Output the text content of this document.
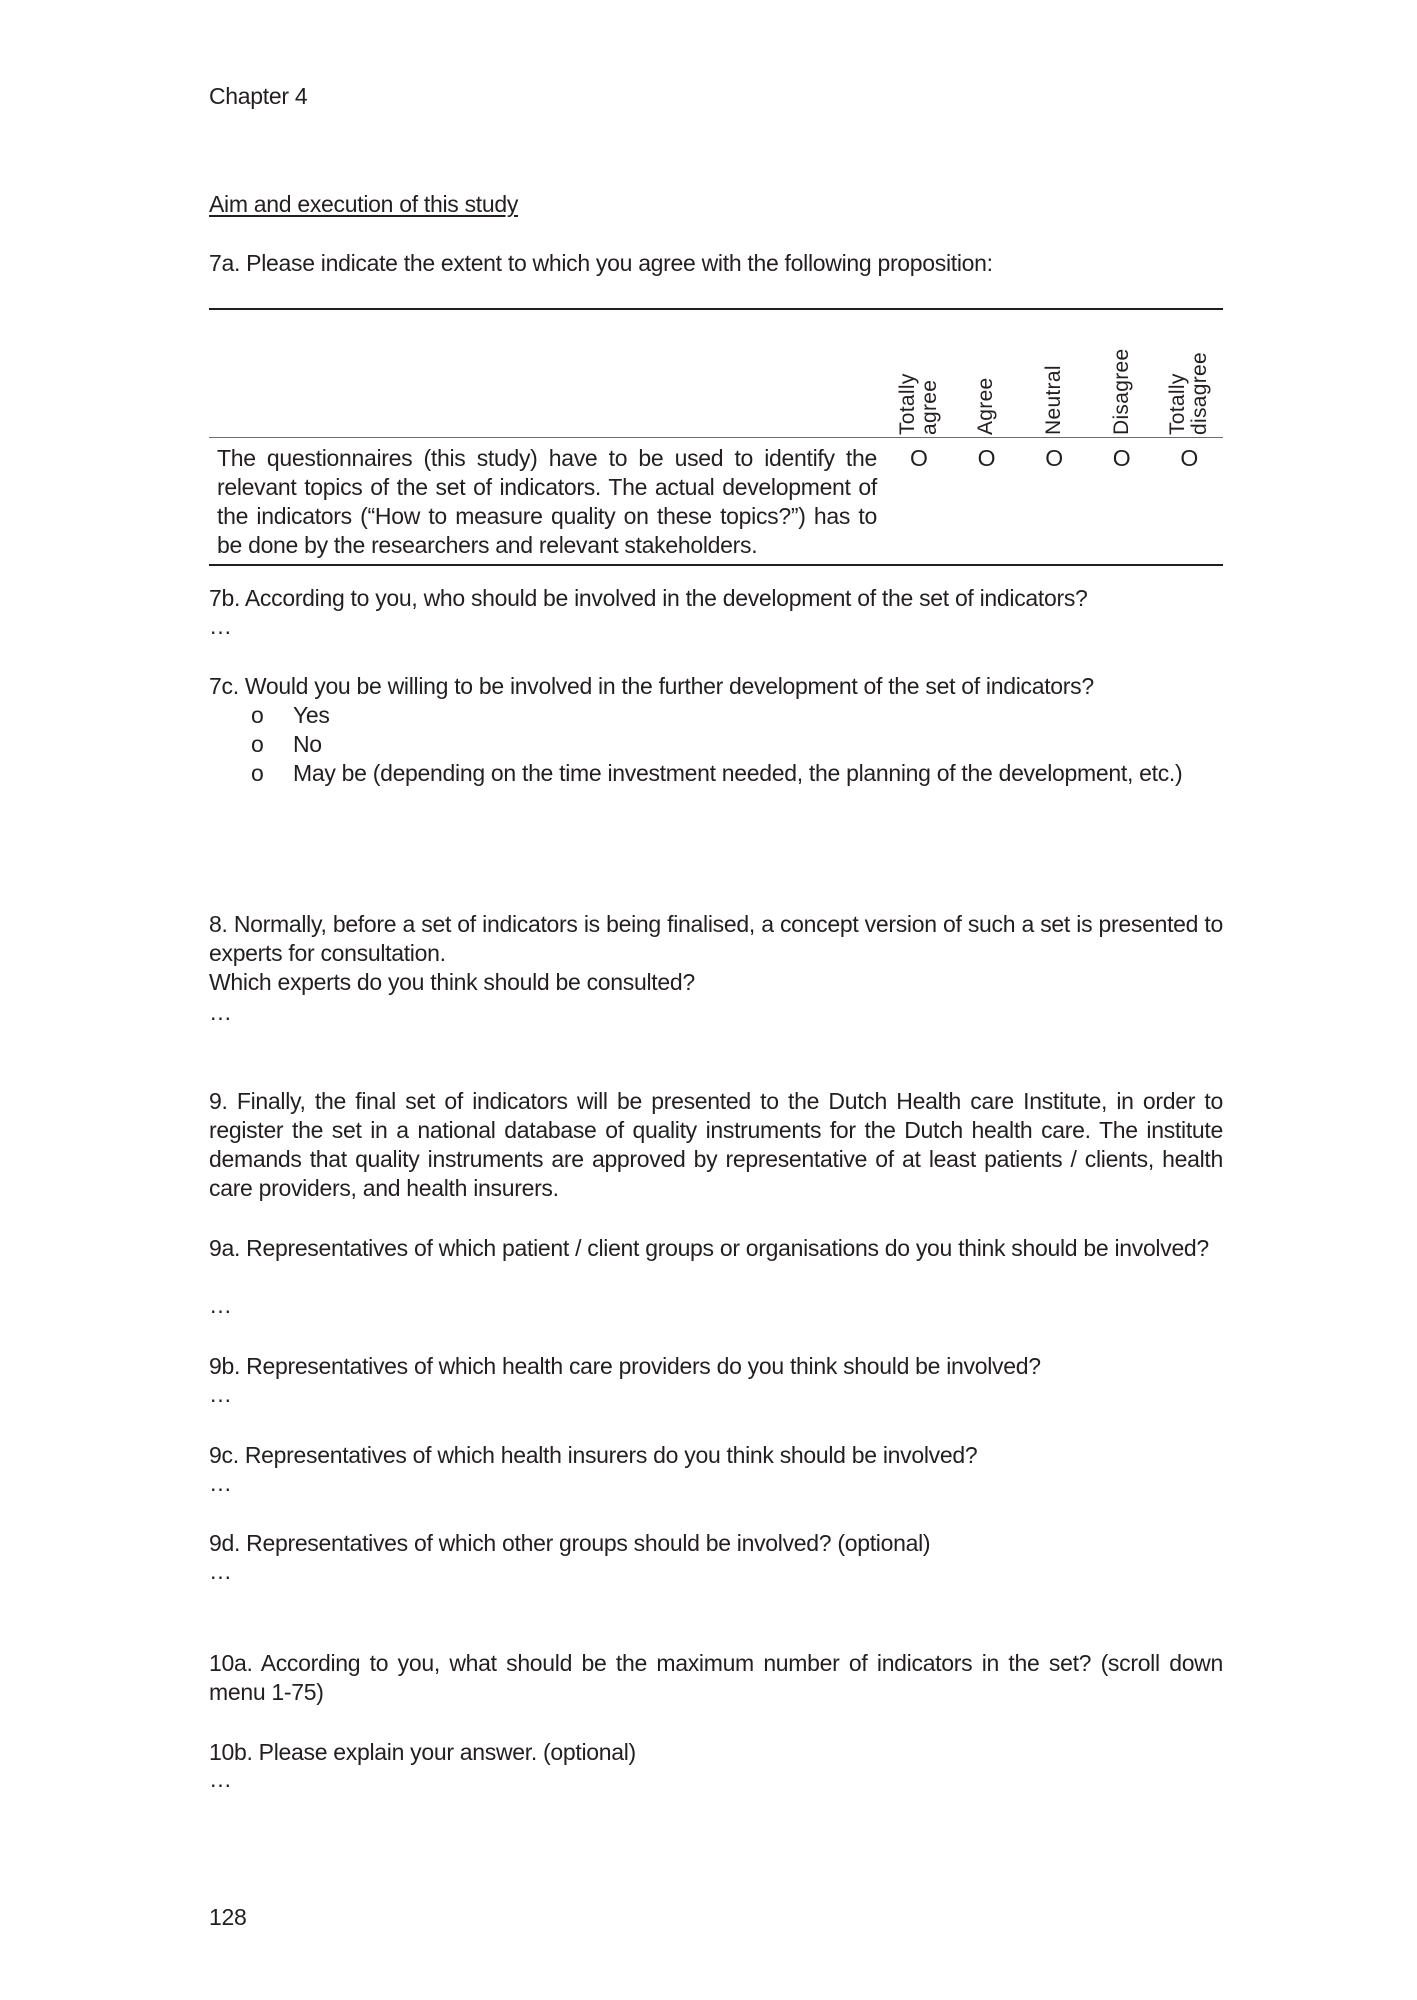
Chapter 4
Aim and execution of this study
7a. Please indicate the extent to which you agree with the following proposition:

Totally agree	Agree	Neutral	Disagree	Totally disagree

The questionnaires (this study) have to be used to identify the relevant topics of the set of indicators. The actual development of the indicators (“How to measure quality on these topics?”) has to be done by the researchers and relevant stakeholders.	O	O	O	O	O
7b. According to you, who should be involved in the development of the set of indicators?
…
7c. Would you be willing to be involved in the further development of the set of indicators?
o Yes
o No
o May be (depending on the time investment needed, the planning of the development, etc.)
8. Normally, before a set of indicators is being finalised, a concept version of such a set is presented to experts for consultation.
Which experts do you think should be consulted?
…
9. Finally, the final set of indicators will be presented to the Dutch Health care Institute, in order to register the set in a national database of quality instruments for the Dutch health care. The institute demands that quality instruments are approved by representative of at least patients / clients, health care providers, and health insurers.
9a. Representatives of which patient / client groups or organisations do you think should be involved?
…
9b. Representatives of which health care providers do you think should be involved?
…
9c. Representatives of which health insurers do you think should be involved?
…
9d. Representatives of which other groups should be involved? (optional)
…
10a. According to you, what should be the maximum number of indicators in the set? (scroll down menu 1-75)
10b. Please explain your answer. (optional)
…
128
